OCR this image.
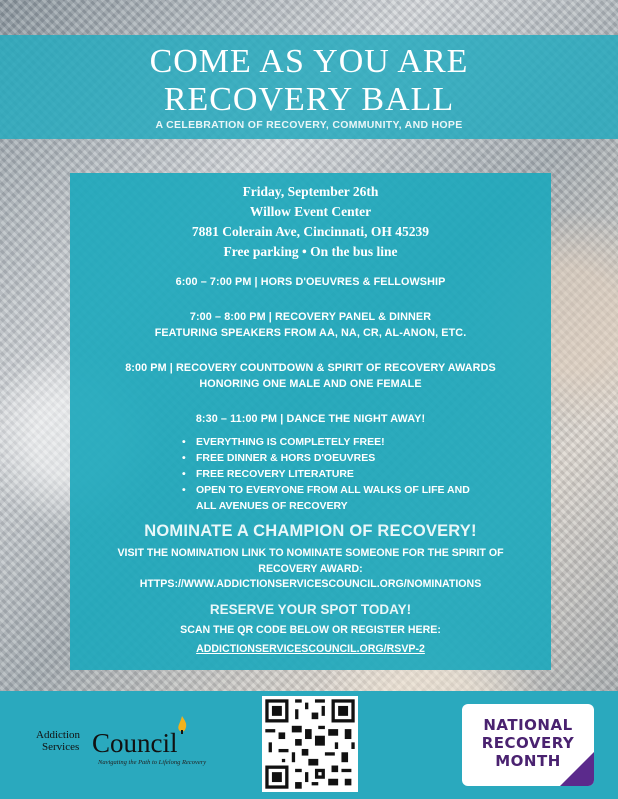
COME AS YOU ARE
RECOVERY BALL
A CELEBRATION OF RECOVERY, COMMUNITY, AND HOPE
Friday, September 26th
Willow Event Center
7881 Colerain Ave, Cincinnati, OH 45239
Free parking • On the bus line
6:00 – 7:00 PM | HORS D'OEUVRES & FELLOWSHIP
7:00 – 8:00 PM | RECOVERY PANEL & DINNER
FEATURING SPEAKERS FROM AA, NA, CR, AL-ANON, ETC.
8:00 PM | RECOVERY COUNTDOWN & SPIRIT OF RECOVERY AWARDS
HONORING ONE MALE AND ONE FEMALE
8:30 – 11:00 PM | DANCE THE NIGHT AWAY!
• EVERYTHING IS COMPLETELY FREE!
• FREE DINNER & HORS D'OEUVRES
• FREE RECOVERY LITERATURE
• OPEN TO EVERYONE FROM ALL WALKS OF LIFE AND ALL AVENUES OF RECOVERY
NOMINATE A CHAMPION OF RECOVERY!
VISIT THE NOMINATION LINK TO NOMINATE SOMEONE FOR THE SPIRIT OF RECOVERY AWARD:
HTTPS://WWW.ADDICTIONSERVICESCOUNCIL.ORG/NOMINATIONS
RESERVE YOUR SPOT TODAY!
SCAN THE QR CODE BELOW OR REGISTER HERE:
ADDICTIONSERVICESCOUNCIL.ORG/RSVP-2
Addiction
Services Council
Navigating the Path to Lifelong Recovery
NATIONAL
RECOVERY
MONTH
